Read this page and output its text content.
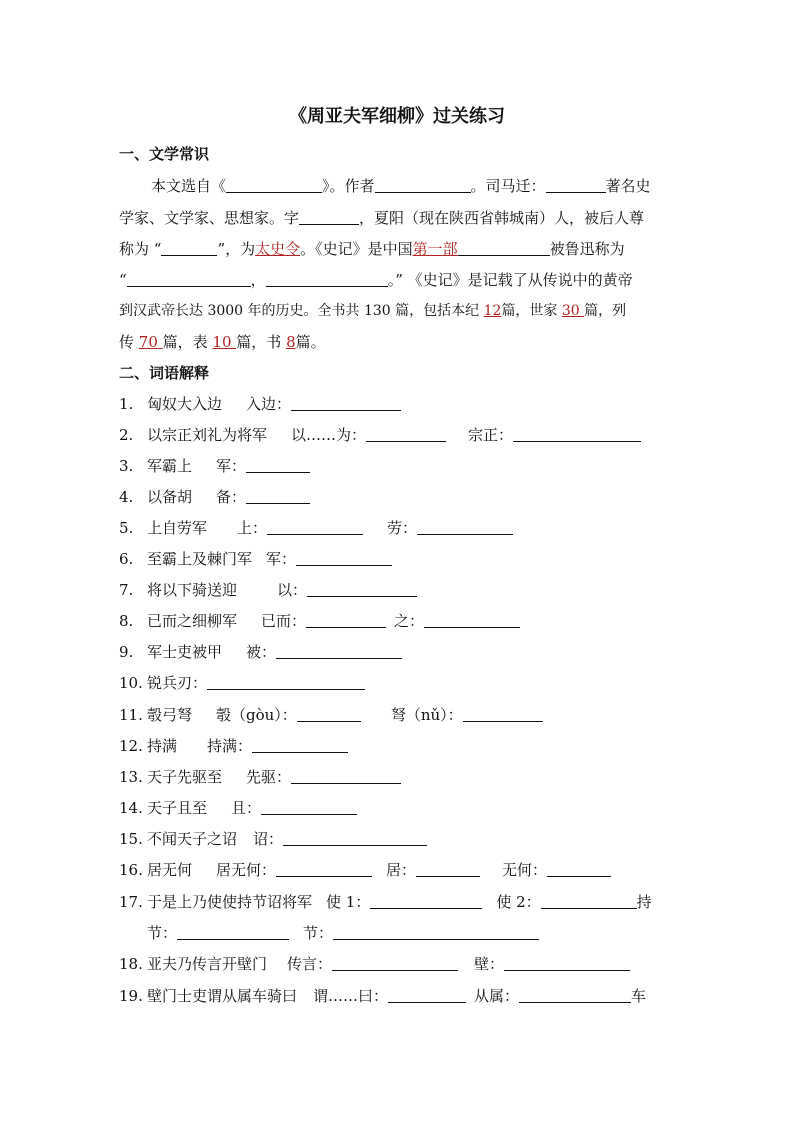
《周亚夫军细柳》过关练习
一、文学常识
本文选自《	》。作者	。司马迁：	著名史
学家、文学家、思想家。字	，夏阳（现在陕西省韩城南）人，被后人尊
称为 “	”，为太史令。《史记》是中国第一部	被鲁迅称为
“	，	。” 《史记》是记载了从传说中的黄帝
到汉武帝长达 3000 年的历史。全书共 130 篇，包括本纪 12篇，世家 30 篇，列
传 70 篇，表 10 篇，书 8篇。
二、词语解释
1. 匈奴大入边 入边：
2. 以宗正刘礼为将军 以……为：	宗正：
3. 军霸上 军：
4. 以备胡 备：
5. 上自劳军 上：	劳：
6. 至霸上及棘门军 军：
7. 将以下骑送迎	以：
8. 已而之细柳军 已而：	之：
9. 军士吏被甲 被：
10. 锐兵刃：
11. 彀弓弩 彀（gòu）：	弩（nǔ）：
12. 持满 持满：
13. 天子先驱至 先驱：
14. 天子且至 且：
15. 不闻天子之诏 诏：
16. 居无何 居无何：	居：	无何：
17. 于是上乃使使持节诏将军 使 1：	使 2：	持
节：	节：
18. 亚夫乃传言开壁门 传言：	壁：
19. 壁门士吏谓从属车骑曰 谓……曰：	从属：	车
